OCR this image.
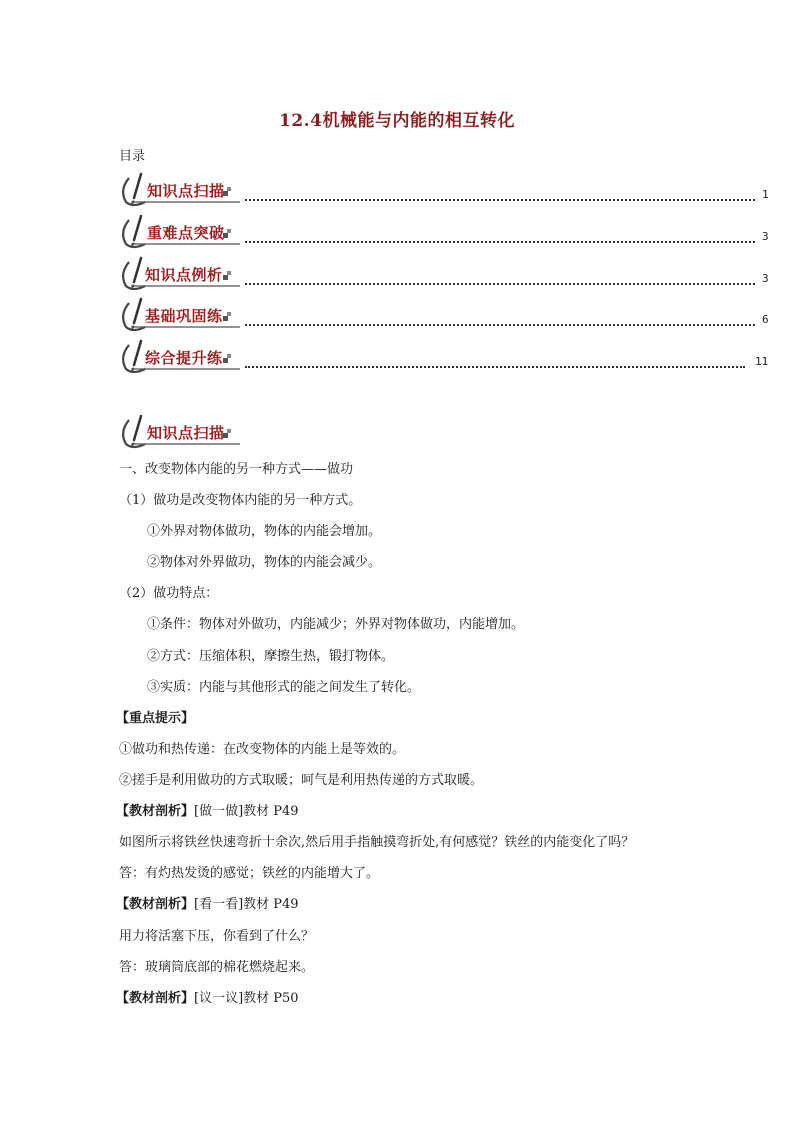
12.4机械能与内能的相互转化
目录
知识点扫描	1
重难点突破	3
知识点例析	3
基础巩固练	6
综合提升练	11
知识点扫描
一、改变物体内能的另一种方式——做功
（1）做功是改变物体内能的另一种方式。
①外界对物体做功，物体的内能会增加。
②物体对外界做功，物体的内能会减少。
（2）做功特点：
①条件：物体对外做功，内能减少；外界对物体做功，内能增加。
②方式：压缩体积，摩擦生热，锻打物体。
③实质：内能与其他形式的能之间发生了转化。
【重点提示】
①做功和热传递：在改变物体的内能上是等效的。
②搓手是利用做功的方式取暖；呵气是利用热传递的方式取暖。
【教材剖析】[做一做]教材 P49
如图所示将铁丝快速弯折十余次,然后用手指触摸弯折处,有何感觉？铁丝的内能变化了吗？
答：有灼热发烫的感觉；铁丝的内能增大了。
【教材剖析】[看一看]教材 P49
用力将活塞下压，你看到了什么？
答：玻璃筒底部的棉花燃烧起来。
【教材剖析】[议一议]教材 P50
